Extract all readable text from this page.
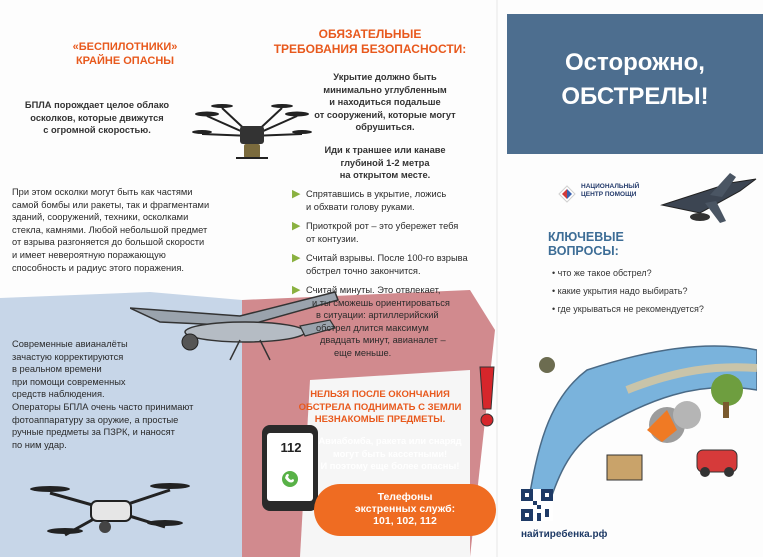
«БЕСПИЛОТНИКИ»
КРАЙНЕ ОПАСНЫ
БПЛА порождает целое облако
осколков, которые движутся
с огромной скоростью.
При этом осколки могут быть как частями
самой бомбы или ракеты, так и фрагментами
зданий, сооружений, техники, осколками
стекла, камнями. Любой небольшой предмет
от взрыва разгоняется до большой скорости
и имеет невероятную поражающую
способность и радиус этого поражения.
Современные авианалёты
зачастую корректируются
в реальном времени
при помощи современных
средств наблюдения.
Операторы БПЛА очень часто принимают
фотоаппаратуру за оружие, а простые
ручные предметы за ПЗРК, и наносят
по ним удар.
ОБЯЗАТЕЛЬНЫЕ
ТРЕБОВАНИЯ БЕЗОПАСНОСТИ:
Укрытие должно быть
минимально углубленным
и находиться подальше
от сооружений, которые могут
обрушиться.
Иди к траншее или канаве
глубиной 1-2 метра
на открытом месте.
▶ Спрятавшись в укрытие, ложись
и обхвати голову руками.
▶ Приоткрой рот – это убережет тебя
от контузии.
▶ Считай взрывы. После 100-го взрыва
обстрел точно закончится.
▶ Считай минуты. Это отвлекает,
и ты сможешь ориентироваться
в ситуации: артиллерийский
обстрел длится максимум
двадцать минут, авианалет –
еще меньше.
НЕЛЬЗЯ ПОСЛЕ ОКОНЧАНИЯ
ОБСТРЕЛА ПОДНИМАТЬ С ЗЕМЛИ
НЕЗНАКОМЫЕ ПРЕДМЕТЫ.
Авиабомба, ракета или снаряд
могут быть кассетными!
И поэтому еще более опасны!
112
Телефоны
экстренных служб:
101, 102, 112
Осторожно,
ОБСТРЕЛЫ!
НАЦИОНАЛЬНЫЙ
ЦЕНТР ПОМОЩИ
КЛЮЧЕВЫЕ
ВОПРОСЫ:
• что же такое обстрел?
• какие укрытия надо выбирать?
• где укрываться не рекомендуется?
найтиребенка.рф
